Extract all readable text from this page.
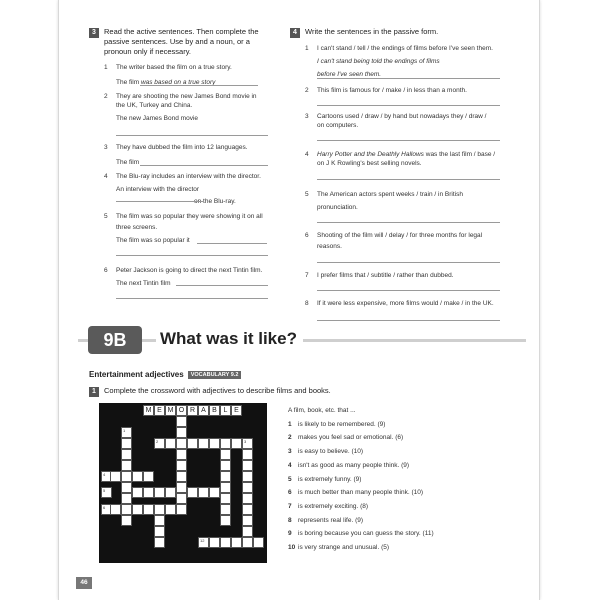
3	Read the active sentences. Then complete the
passive sentences. Use by and a noun, or a
pronoun only if necessary.
1 The writer based the film on a true story.
The film was based on a true story
2 They are shooting the new James Bond movie in
the UK, Turkey and China.
The new James Bond movie
3 They have dubbed the film into 12 languages.
The film
4 The Blu-ray includes an interview with the director.
An interview with the director
on the Blu-ray.
5 The film was so popular they were showing it on all
three screens.
The film was so popular it
6 Peter Jackson is going to direct the next Tintin film.
The next Tintin film
4	Write the sentences in the passive form.
1 I can't stand / tell / the endings of films before I've seen them.
I can't stand being told the endings of films
before I've seen them.
2 This film is famous for / make / in less than a month.
3 Cartoons used / draw / by hand but nowadays they / draw /
on computers.
4 Harry Potter and the Deathly Hallows was the last film / base /
on J K Rowling's best selling novels.
5 The American actors spent weeks / train / in British
pronunciation.
6 Shooting of the film will / delay / for three months for legal
reasons.
7 I prefer films that / subtitle / rather than dubbed.
8 If it were less expensive, more films would / make / in the UK.
9B	What was it like?
Entertainment adjectives VOCABULARY 9.2
1	Complete the crossword with adjectives to describe films and books.
M E M O R A B L E
1
2	3
4
5
6
12
A film, book, etc. that ...
1 is likely to be remembered. (9)
2 makes you feel sad or emotional. (6)
3 is easy to believe. (10)
4 isn't as good as many people think. (9)
5 is extremely funny. (9)
6 is much better than many people think. (10)
7 is extremely exciting. (8)
8 represents real life. (9)
9 is boring because you can guess the story. (11)
10 is very strange and unusual. (5)
46
